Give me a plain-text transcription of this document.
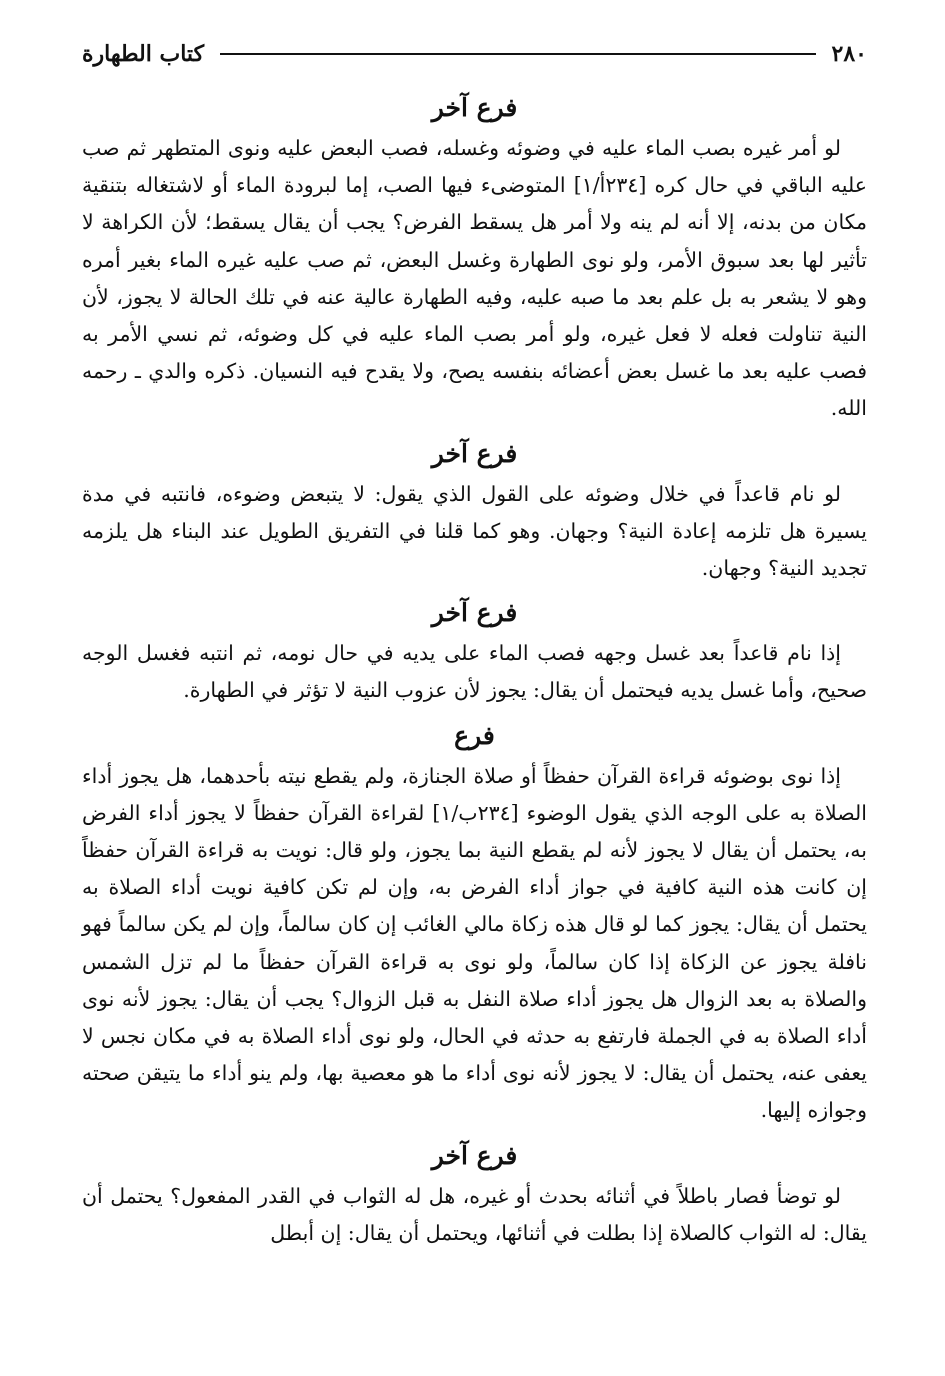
٢٨٠
كتاب الطهارة
فرع آخر

لو أمر غيره بصب الماء عليه في وضوئه وغسله، فصب البعض عليه ونوى المتطهر ثم صب عليه الباقي في حال كره [٢٣٤أ/١] المتوضىء فيها الصب، إما لبرودة الماء أو لاشتغاله بتنقية مكان من بدنه، إلا أنه لم ينه ولا أمر هل يسقط الفرض؟ يجب أن يقال يسقط؛ لأن الكراهة لا تأثير لها بعد سبوق الأمر، ولو نوى الطهارة وغسل البعض، ثم صب عليه غيره الماء بغير أمره وهو لا يشعر به بل علم بعد ما صبه عليه، وفيه الطهارة عالية عنه في تلك الحالة لا يجوز، لأن النية تناولت فعله لا فعل غيره، ولو أمر بصب الماء عليه في كل وضوئه، ثم نسي الأمر به فصب عليه بعد ما غسل بعض أعضائه بنفسه يصح، ولا يقدح فيه النسيان. ذكره والدي ـ رحمه الله.

فرع آخر

لو نام قاعداً في خلال وضوئه على القول الذي يقول: لا يتبعض وضوءه، فانتبه في مدة يسيرة هل تلزمه إعادة النية؟ وجهان. وهو كما قلنا في التفريق الطويل عند البناء هل يلزمه تجديد النية؟ وجهان.

فرع آخر

إذا نام قاعداً بعد غسل وجهه فصب الماء على يديه في حال نومه، ثم انتبه فغسل الوجه صحيح، وأما غسل يديه فيحتمل أن يقال: يجوز لأن عزوب النية لا تؤثر في الطهارة.

فرع

إذا نوى بوضوئه قراءة القرآن حفظاً أو صلاة الجنازة، ولم يقطع نيته بأحدهما، هل يجوز أداء الصلاة به على الوجه الذي يقول الوضوء [٢٣٤ب/١] لقراءة القرآن حفظاً لا يجوز أداء الفرض به، يحتمل أن يقال لا يجوز لأنه لم يقطع النية بما يجوز، ولو قال: نويت به قراءة القرآن حفظاً إن كانت هذه النية كافية في جواز أداء الفرض به، وإن لم تكن كافية نويت أداء الصلاة به يحتمل أن يقال: يجوز كما لو قال هذه زكاة مالي الغائب إن كان سالماً، وإن لم يكن سالماً فهو نافلة يجوز عن الزكاة إذا كان سالماً، ولو نوى به قراءة القرآن حفظاً ما لم تزل الشمس والصلاة به بعد الزوال هل يجوز أداء صلاة النفل به قبل الزوال؟ يجب أن يقال: يجوز لأنه نوى أداء الصلاة به في الجملة فارتفع به حدثه في الحال، ولو نوى أداء الصلاة به في مكان نجس لا يعفى عنه، يحتمل أن يقال: لا يجوز لأنه نوى أداء ما هو معصية بها، ولم ينو أداء ما يتيقن صحته وجوازه إليها.

فرع آخر

لو توضأ فصار باطلاً في أثنائه بحدث أو غيره، هل له الثواب في القدر المفعول؟ يحتمل أن يقال: له الثواب كالصلاة إذا بطلت في أثنائها، ويحتمل أن يقال: إن أبطل
